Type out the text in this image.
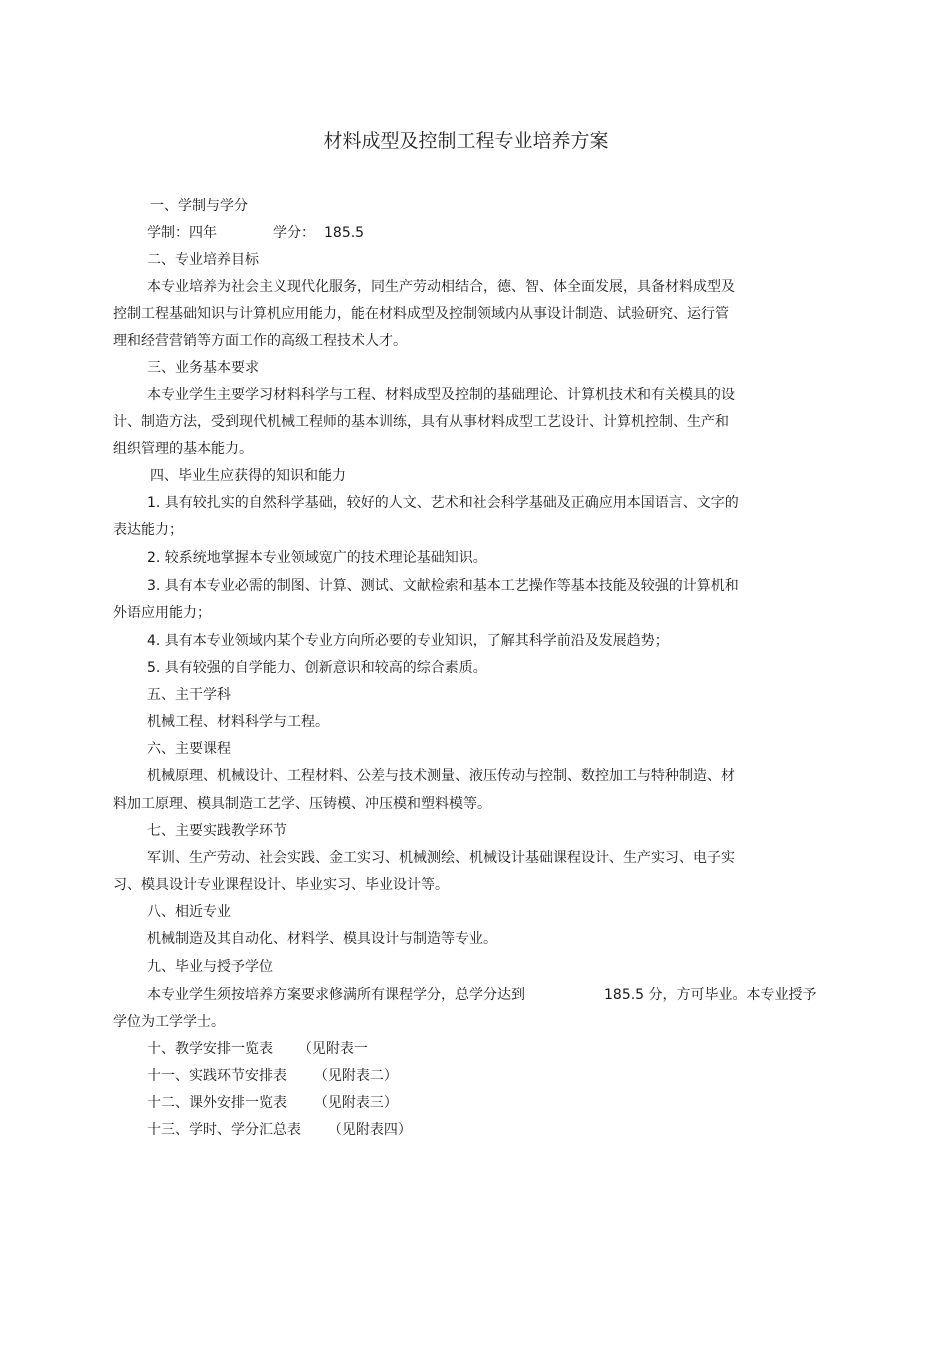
材料成型及控制工程专业培养方案
一、学制与学分
学制：四年	学分： 185.5
二、专业培养目标
本专业培养为社会主义现代化服务，同生产劳动相结合，德、智、体全面发展，具备材料成型及
控制工程基础知识与计算机应用能力，能在材料成型及控制领域内从事设计制造、试验研究、运行管
理和经营营销等方面工作的高级工程技术人才。
三、业务基本要求
本专业学生主要学习材料科学与工程、材料成型及控制的基础理论、计算机技术和有关模具的设
计、制造方法，受到现代机械工程师的基本训练，具有从事材料成型工艺设计、计算机控制、生产和
组织管理的基本能力。
四、毕业生应获得的知识和能力
1. 具有较扎实的自然科学基础，较好的人文、艺术和社会科学基础及正确应用本国语言、文字的
表达能力；
2. 较系统地掌握本专业领域宽广的技术理论基础知识。
3. 具有本专业必需的制图、计算、测试、文献检索和基本工艺操作等基本技能及较强的计算机和
外语应用能力；
4. 具有本专业领域内某个专业方向所必要的专业知识，了解其科学前沿及发展趋势；
5. 具有较强的自学能力、创新意识和较高的综合素质。
五、主干学科
机械工程、材料科学与工程。
六、主要课程
机械原理、机械设计、工程材料、公差与技术测量、液压传动与控制、数控加工与特种制造、材
料加工原理、模具制造工艺学、压铸模、冲压模和塑料模等。
七、主要实践教学环节
军训、生产劳动、社会实践、金工实习、机械测绘、机械设计基础课程设计、生产实习、电子实
习、模具设计专业课程设计、毕业实习、毕业设计等。
八、相近专业
机械制造及其自动化、材料学、模具设计与制造等专业。
九、毕业与授予学位
本专业学生须按培养方案要求修满所有课程学分，总学分达到	185.5 分，方可毕业。本专业授予
学位为工学学士。
十、教学安排一览表 （见附表一
十一、实践环节安排表 （见附表二）
十二、课外安排一览表 （见附表三）
十三、学时、学分汇总表 （见附表四）
